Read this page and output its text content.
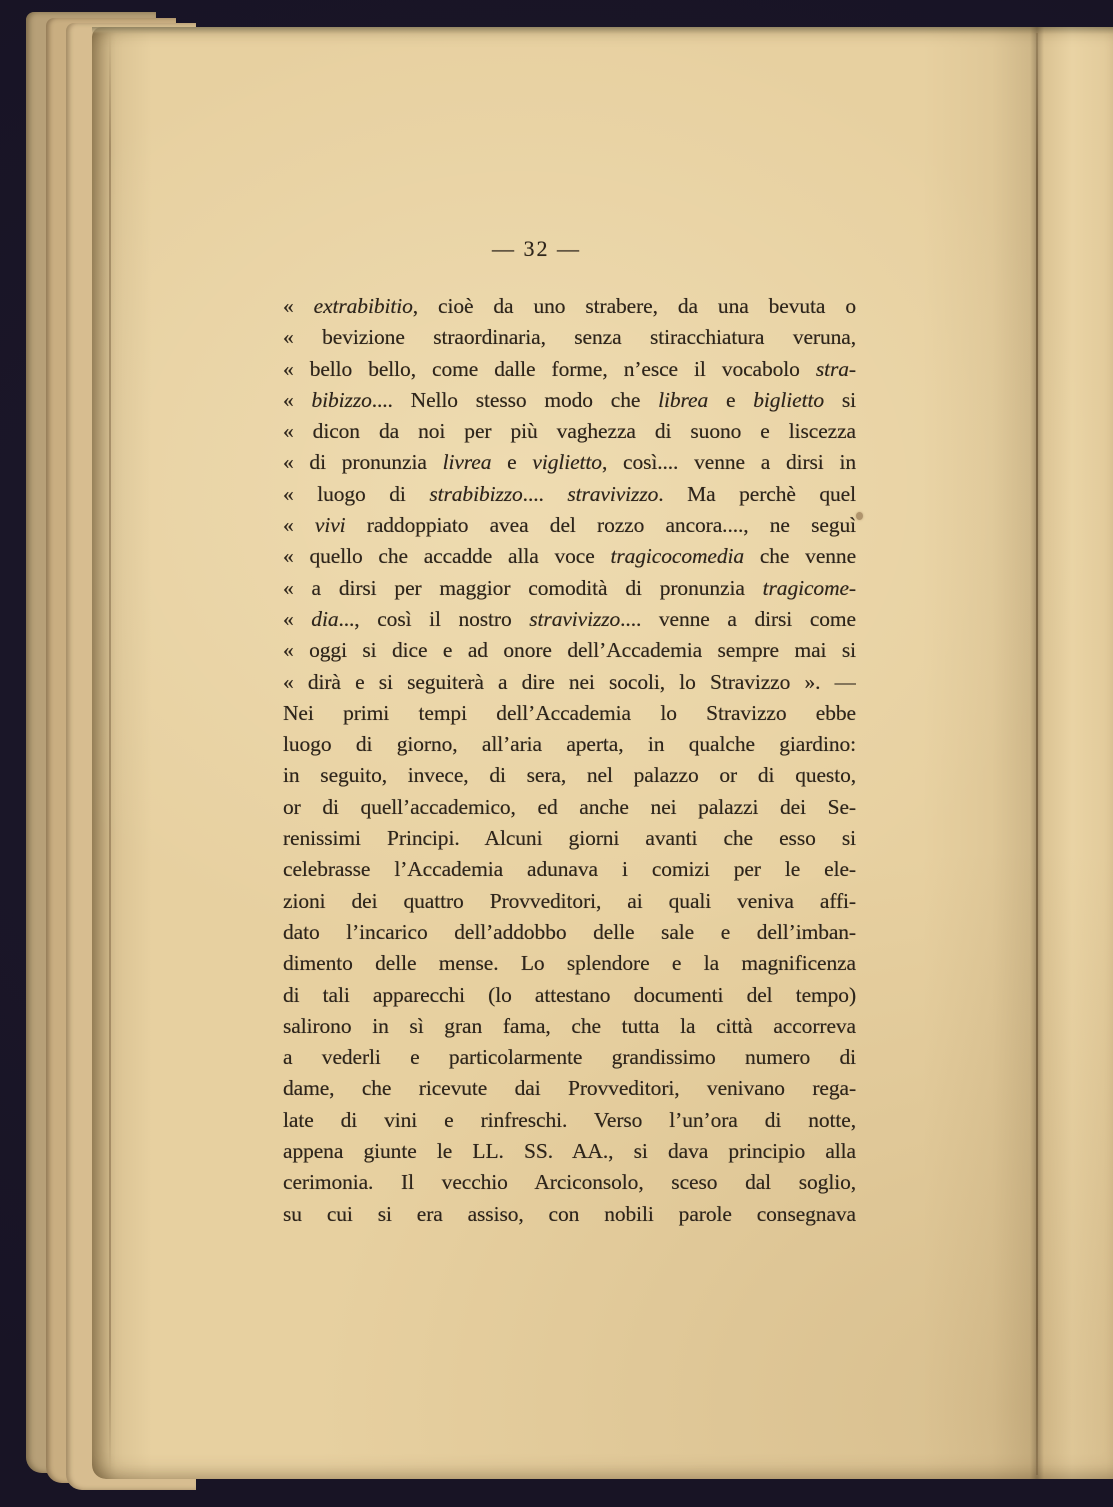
— 32 —
« extrabibitio, cioè da uno strabere, da una bevuta o
« bevizione straordinaria, senza stiracchiatura veruna,
« bello bello, come dalle forme, n’esce il vocabolo stra-
« bibizzo.... Nello stesso modo che librea e biglietto si
« dicon da noi per più vaghezza di suono e liscezza
« di pronunzia livrea e viglietto, così.... venne a dirsi in
« luogo di strabibizzo.... stravivizzo. Ma perchè quel
« vivi raddoppiato avea del rozzo ancora...., ne seguì
« quello che accadde alla voce tragicocomedia che venne
« a dirsi per maggior comodità di pronunzia tragicome-
« dia..., così il nostro stravivizzo.... venne a dirsi come
« oggi si dice e ad onore dell’Accademia sempre mai si
« dirà e si seguiterà a dire nei socoli, lo Stravizzo ». —
Nei primi tempi dell’Accademia lo Stravizzo ebbe
luogo di giorno, all’aria aperta, in qualche giardino:
in seguito, invece, di sera, nel palazzo or di questo,
or di quell’accademico, ed anche nei palazzi dei Se-
renissimi Principi. Alcuni giorni avanti che esso si
celebrasse l’Accademia adunava i comizi per le ele-
zioni dei quattro Provveditori, ai quali veniva affi-
dato l’incarico dell’addobbo delle sale e dell’imban-
dimento delle mense. Lo splendore e la magnificenza
di tali apparecchi (lo attestano documenti del tempo)
salirono in sì gran fama, che tutta la città accorreva
a vederli e particolarmente grandissimo numero di
dame, che ricevute dai Provveditori, venivano rega-
late di vini e rinfreschi. Verso l’un’ora di notte,
appena giunte le LL. SS. AA., si dava principio alla
cerimonia. Il vecchio Arciconsolo, sceso dal soglio,
su cui si era assiso, con nobili parole consegnava
